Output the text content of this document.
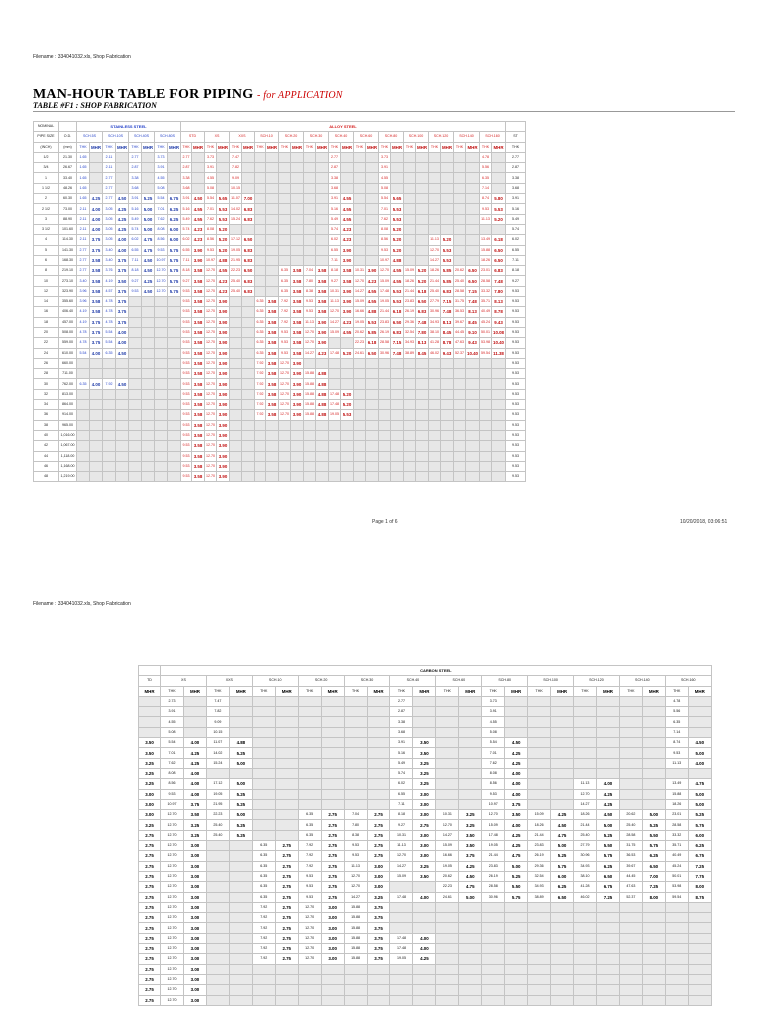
Filename : 334041032.xls, Shop Fabrication
MAN-HOUR TABLE FOR PIPING - for APPLICATION
TABLE #F1 : SHOP FABRICATION
NOMINAL		STAINLESS STEEL								ALLOY STEEL																										
PIPE SIZE	O.D.	SCH.5S		SCH.10S		SCH.40S		SCH.80S		STD		XS		XXS		SCH.10		SCH.20		SCH.30		SCH.40		SCH.60		SCH.80		SCH.100		SCH.120		SCH.140		SCH.160		ST
(INCH)	(mm)	THK	MHR	THK	MHR	THK	MHR	THK	MHR	THK	MHR	THK	MHR	THK	MHR	THK	MHR	THK	MHR	THK	MHR	THK	MHR	THK	MHR	THK	MHR	THK	MHR	THK	MHR	THK	MHR	THK	MHR	THK
1/2	21.30	1.65		2.11		2.77		3.73		2.77		3.73		7.47								2.77				3.73								4.78		2.77
3/4	26.67	1.65		2.11		2.87		3.91		2.87		3.91		7.82								2.87				3.91								5.56		2.87
1	33.40	1.65		2.77		3.38		4.55		3.38		4.55		9.09								3.38				4.55								6.35		3.38
1 1/2	48.26	1.65		2.77		3.68		5.08		3.68		5.08		10.15								3.68				5.08								7.14		3.68
2	60.30	1.65	4.25	2.77	4.50	3.91	5.25	5.54	6.75	3.91	4.50	5.54	5.65	11.07	7.00							3.91	4.55			5.54	5.65							8.74	5.80	3.91
2 1/2	73.00	2.11	4.00	3.05	4.25	5.16	5.00	7.01	6.25	5.16	4.55	7.01	5.53	14.02	6.83							5.16	4.55			7.01	5.53							9.53	5.53	5.16
3	88.90	2.11	4.00	3.05	4.25	5.49	5.00	7.62	6.25	5.49	4.55	7.62	5.53	15.24	6.83							5.49	4.55			7.62	5.53							11.13	5.20	5.49
3 1/2	101.60	2.11	4.00	3.05	4.25	5.74	5.00	8.08	6.00	5.74	4.23	8.08	5.20									5.74	4.23			8.08	5.20									5.74
4	114.30	2.11	3.75	3.05	4.00	6.02	4.75	8.56	6.00	6.02	4.23	8.56	5.20	17.12	6.50							6.02	4.23			8.56	5.20			11.13	5.20			13.49	6.18	6.02
5	141.30	2.77	3.75	3.40	4.00	6.55	4.75	9.53	5.75	6.55	3.90	9.53	5.20	19.05	6.83							6.55	3.90			9.53	5.20			12.70	5.53			15.88	6.50	6.55
6	168.30	2.77	3.58	3.40	3.75	7.11	4.50	10.97	5.75	7.11	3.90	10.97	4.88	21.95	6.83							7.11	3.90			10.97	4.88			14.27	5.53			18.26	6.50	7.11
8	219.10	2.77	3.58	3.76	3.75	8.18	4.50	12.70	5.75	8.18	3.58	12.70	4.55	22.23	6.50			6.35	3.58	7.04	3.58	8.18	3.58	10.31	3.90	12.70	4.55	15.09	5.20	18.26	5.85	20.62	6.50	23.01	6.83	8.18
10	273.10	3.40	3.58	4.19	3.50	9.27	4.25	12.70	5.75	9.27	3.58	12.70	4.23	25.40	6.83			6.35	3.58	7.80	3.58	9.27	3.58	12.70	4.23	15.09	4.55	18.26	5.20	21.44	5.85	25.40	6.50	28.58	7.48	9.27
12	323.90	3.96	3.58	4.57	3.75	9.53	4.50	12.70	5.75	9.53	3.58	12.70	4.23	25.40	6.83			6.35	3.58	8.38	3.58	10.31	3.90	14.27	4.55	17.48	5.53	21.44	6.18	25.40	6.83	28.58	7.15	33.32	7.80	9.53
14	355.60	3.96	3.58	4.78	3.75					9.53	3.58	12.70	3.90			6.35	3.58	7.92	3.58	9.53	3.58	11.13	3.90	15.09	4.55	19.05	5.53	23.83	6.50	27.79	7.15	31.75	7.48	35.71	8.13	9.53
16	406.40	4.19	3.58	4.78	3.75					9.53	3.58	12.70	3.90			6.35	3.58	7.92	3.58	9.53	3.58	12.70	3.90	16.66	4.88	21.44	6.18	26.19	6.83	30.96	7.48	36.53	8.13	40.49	8.78	9.53
18	457.00	4.19	3.75	4.78	3.75					9.53	3.58	12.70	3.90			6.35	3.58	7.92	3.58	11.13	3.90	14.27	4.23	19.05	5.53	23.83	6.50	29.36	7.48	34.93	8.13	39.67	8.45	45.24	9.43	9.53
20	508.00	4.78	3.75	5.54	4.00					9.53	3.58	12.70	3.90			6.35	3.58	9.53	3.58	12.70	3.90	15.09	4.55	20.62	5.85	26.19	6.83	32.54	7.80	38.10	8.45	44.45	9.10	50.01	10.08	9.53
22	559.00	4.78	3.75	5.54	4.00					9.53	3.58	12.70	3.90			6.35	3.58	9.53	3.58	12.70	3.90			22.23	6.18	28.58	7.15	34.93	8.13	41.28	8.78	47.63	9.43	53.98	10.40	9.53
24	610.00	5.54	4.00	6.35	4.50					9.53	3.58	12.70	3.90			6.35	3.58	9.53	3.58	14.27	4.23	17.48	5.20	24.61	6.50	30.96	7.48	38.89	8.45	46.02	9.43	52.37	10.40	59.54	11.38	9.53
26	660.00									9.53	3.58	12.70	3.90			7.92	3.58	12.70	3.90																	9.53
28	711.00									9.53	3.58	12.70	3.90			7.92	3.58	12.70	3.90	15.88	4.88															9.53
30	762.00	6.35	4.00	7.92	4.50					9.53	3.58	12.70	3.90			7.92	3.58	12.70	3.90	15.88	4.88															9.53
32	813.00									9.53	3.58	12.70	3.90			7.92	3.58	12.70	3.90	15.88	4.88	17.48	5.20													9.53
34	864.00									9.53	3.58	12.70	3.90			7.92	3.58	12.70	3.90	15.88	4.88	17.48	5.20													9.53
36	914.00									9.53	3.58	12.70	3.90			7.92	3.58	12.70	3.90	15.88	4.88	19.05	5.53													9.53
38	965.00									9.53	3.58	12.70	3.90																							9.53
40	1,016.00									9.53	3.58	12.70	3.90																							9.53
42	1,067.00									9.53	3.58	12.70	3.90																							9.53
44	1,118.00									9.53	3.58	12.70	3.90																							9.53
46	1,168.00									9.53	3.58	12.70	3.90																							9.53
48	1,219.00									9.53	3.58	12.70	3.90																							9.53
Page 1 of 6	10/20/2018, 03:06:51
Filename : 334041032.xls, Shop Fabrication
	CARBON STEEL																							
TD	XS		XXS		SCH.10		SCH.20		SCH.30		SCH.40		SCH.60		SCH.80		SCH.100		SCH.120		SCH.140		SCH.160	
MHR	THK	MHR	THK	MHR	THK	MHR	THK	MHR	THK	MHR	THK	MHR	THK	MHR	THK	MHR	THK	MHR	THK	MHR	THK	MHR	THK	MHR
	2.73		7.47								2.77				3.73								4.78	
	3.91		7.82								2.87				3.91								5.56	
	4.55		9.09								3.38				4.55								6.35	
	5.08		10.15								3.68				5.08								7.14	
3.50	5.54	4.00	11.07	4.88							3.91	3.50			5.54	4.50							8.74	4.50
3.50	7.01	4.25	14.02	5.25							5.16	3.50			7.01	4.25							9.53	5.00
3.25	7.62	4.25	15.24	5.00							5.49	3.25			7.62	4.25							11.13	4.00
3.25	8.08	4.00									5.74	3.25			8.08	4.00								
3.25	8.56	4.00	17.12	5.00							6.02	3.25			8.56	4.00			11.13	4.00			13.49	4.75
3.00	9.53	4.00	19.05	5.25							6.55	3.00			9.53	4.00			12.70	4.25			15.88	5.00
3.00	10.97	3.75	21.95	5.25							7.11	3.00			10.97	3.75			14.27	4.25			18.26	5.00
3.00	12.70	3.50	22.23	5.00			6.35	2.75	7.04	2.75	8.18	3.00	10.31	3.25	12.70	3.50	15.09	4.25	18.26	4.50	20.62	5.00	23.01	5.25
3.25	12.70	3.25	25.40	5.25			6.35	2.75	7.80	2.75	9.27	2.75	12.70	3.25	15.09	4.00	18.26	4.50	21.44	5.00	25.40	5.25	28.58	5.75
2.75	12.70	3.25	25.40	5.25			6.35	2.75	8.38	2.75	10.31	3.00	14.27	3.50	17.48	4.25	21.44	4.75	25.40	5.25	28.58	5.50	33.32	6.00
2.75	12.70	3.00			6.35	2.75	7.92	2.75	9.53	2.75	11.13	3.00	15.09	3.50	19.05	4.25	23.83	5.00	27.79	5.50	31.75	5.75	35.71	6.25
2.75	12.70	3.00			6.35	2.75	7.92	2.75	9.53	2.75	12.70	3.00	16.66	3.75	21.44	4.75	26.19	5.25	30.96	5.75	36.53	6.25	40.49	6.75
2.75	12.70	3.00			6.35	2.75	7.92	2.75	11.13	3.00	14.27	3.25	19.05	4.25	23.83	5.00	29.36	5.75	34.93	6.25	39.67	6.50	45.24	7.25
2.75	12.70	3.00			6.35	2.75	9.53	2.75	12.70	3.00	15.09	3.50	20.62	4.50	26.19	5.25	32.54	6.00	38.10	6.50	44.45	7.00	50.01	7.75
2.75	12.70	3.00			6.35	2.75	9.53	2.75	12.70	3.00			22.23	4.75	28.58	5.50	34.93	6.25	41.28	6.75	47.63	7.25	53.98	8.00
2.75	12.70	3.00			6.35	2.75	9.53	2.75	14.27	3.25	17.48	4.00	24.61	5.00	30.96	5.75	38.89	6.50	46.02	7.25	52.37	8.00	59.54	8.75
2.75	12.70	3.00			7.92	2.75	12.70	3.00	15.88	3.75														
2.75	12.70	3.00			7.92	2.75	12.70	3.00	15.88	3.75														
2.75	12.70	3.00			7.92	2.75	12.70	3.00	15.88	3.75														
2.75	12.70	3.00			7.92	2.75	12.70	3.00	15.88	3.75	17.48	4.00												
2.75	12.70	3.00			7.92	2.75	12.70	3.00	15.88	3.75	17.48	4.00												
2.75	12.70	3.00			7.92	2.75	12.70	3.00	15.88	3.75	19.05	4.25												
2.75	12.70	3.00																						
2.75	12.70	3.00																						
2.75	12.70	3.00																						
2.75	12.70	3.00																						
